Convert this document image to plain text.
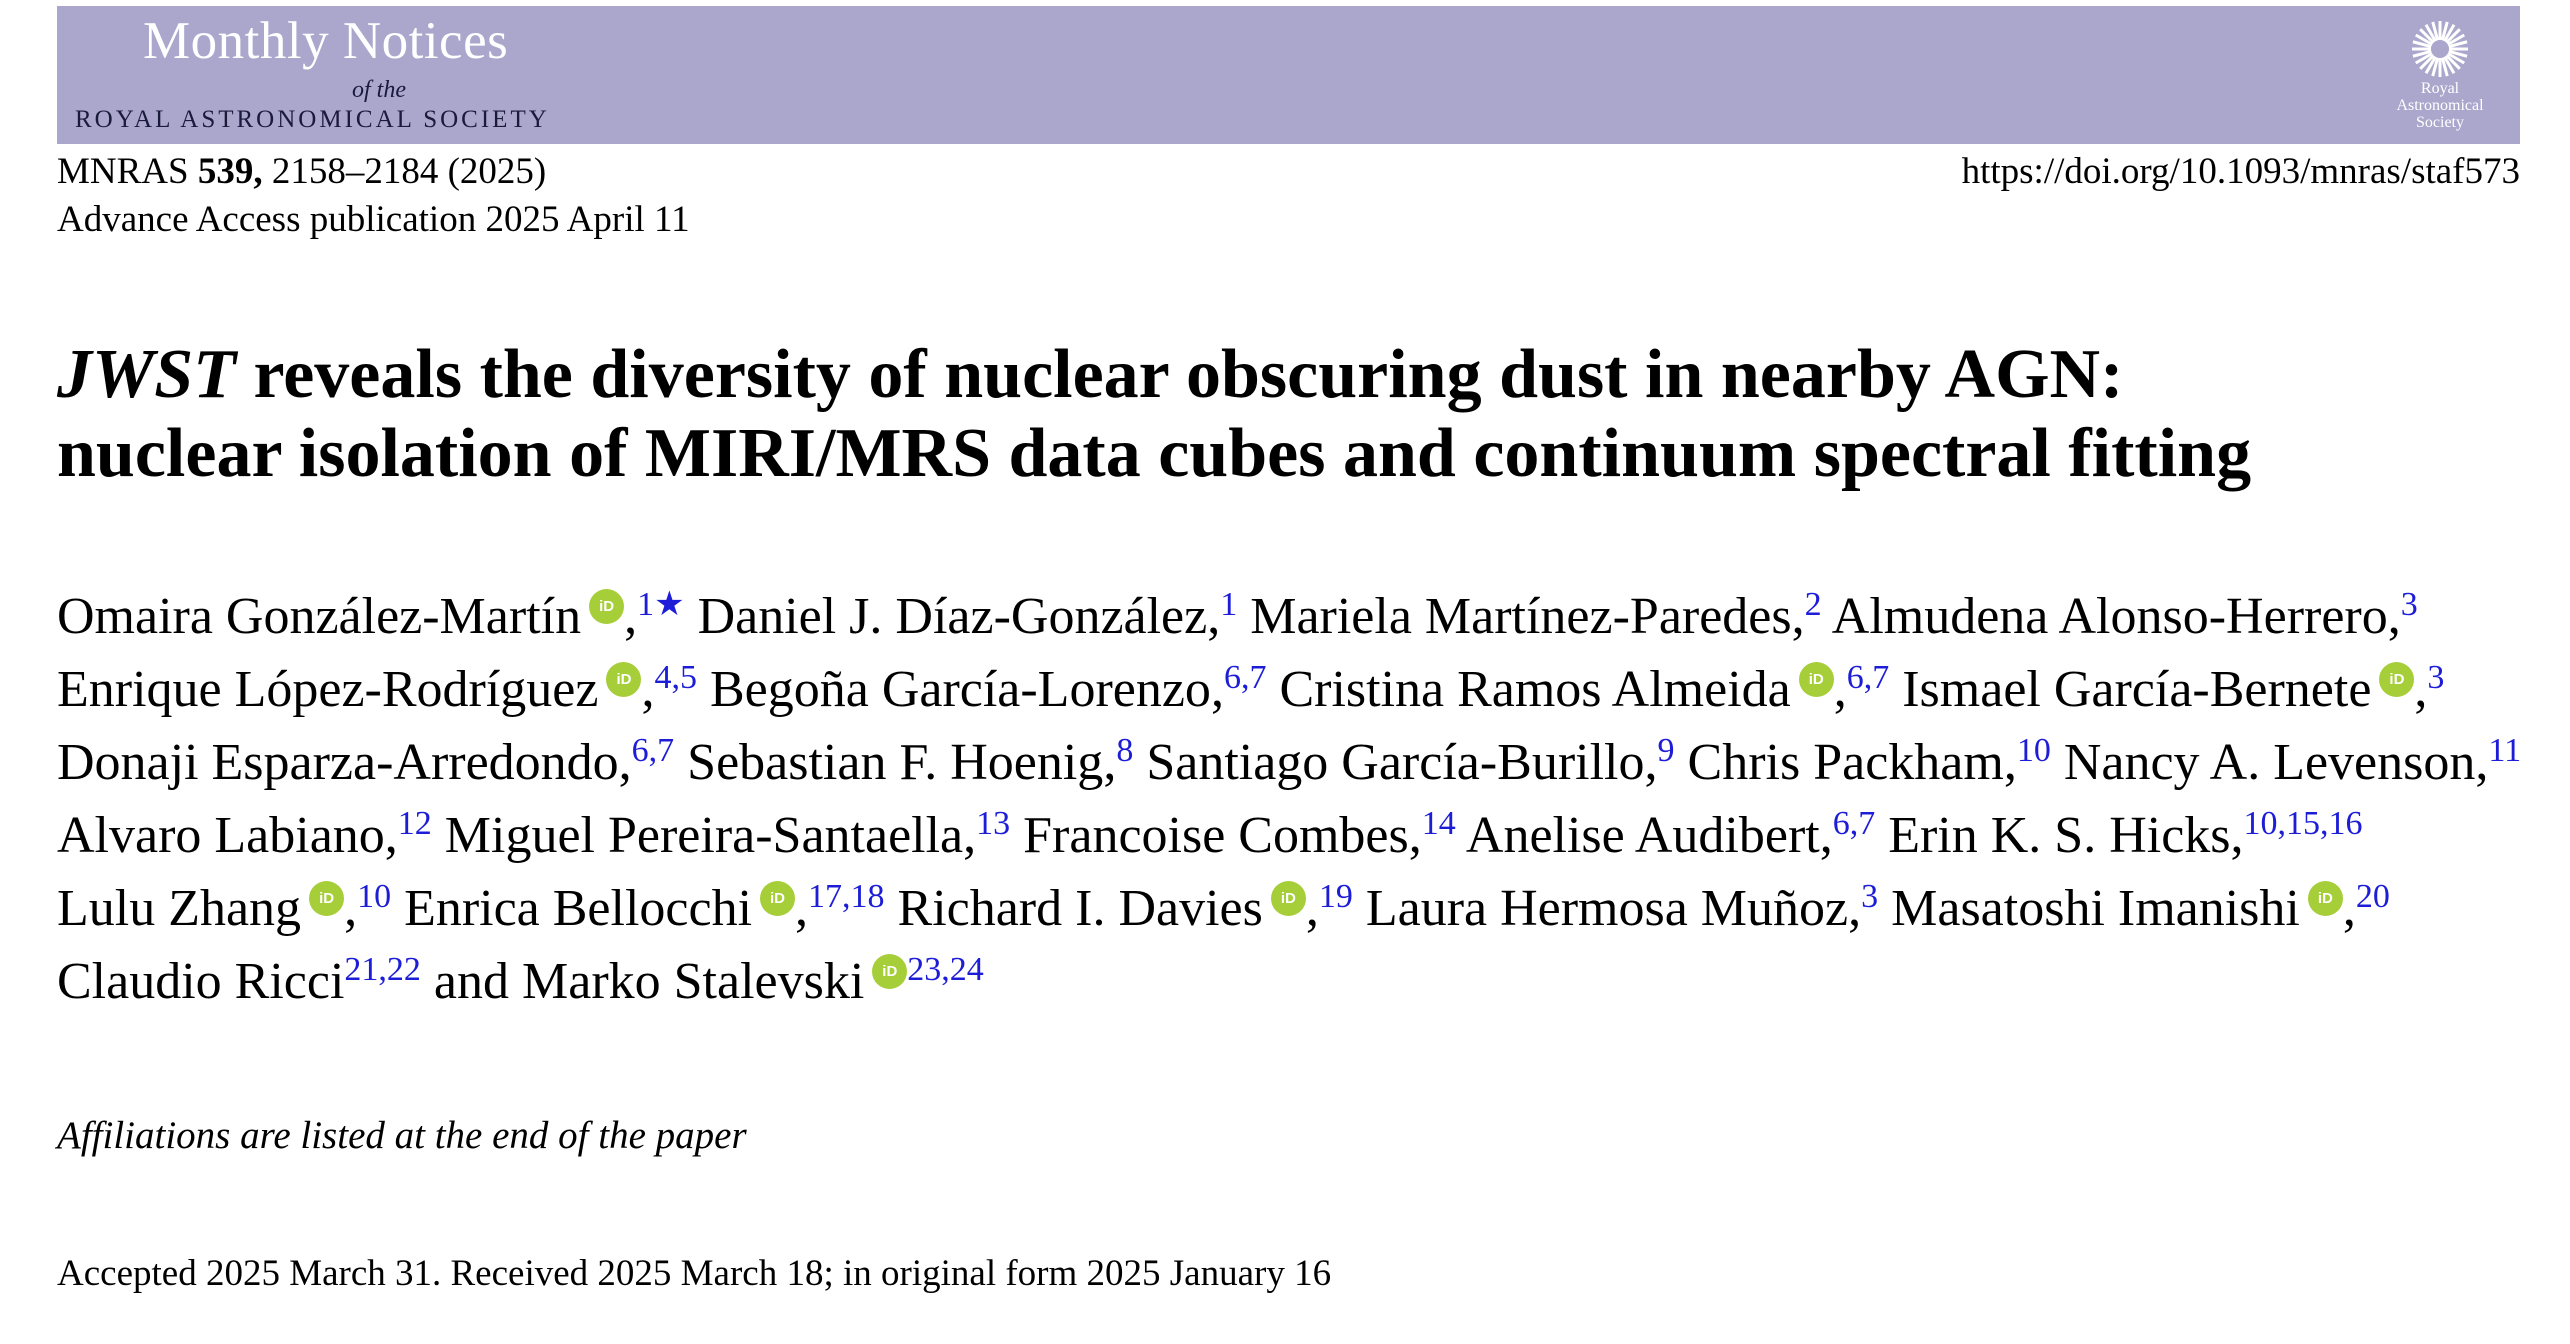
Monthly Notices
of the
ROYAL ASTRONOMICAL SOCIETY
Royal
Astronomical
Society
MNRAS 539, 2158–2184 (2025)
Advance Access publication 2025 April 11
https://doi.org/10.1093/mnras/staf573
JWST reveals the diversity of nuclear obscuring dust in nearby AGN:
nuclear isolation of MIRI/MRS data cubes and continuum spectral fitting
Omaira González-Martín iD ,$^{1★}$ Daniel J. Díaz-González,$^1$ Mariela Martínez-Paredes,$^2$ Almudena Alonso-Herrero,$^3$ Enrique López-Rodríguez iD ,$^{4,5}$ Begoña García-Lorenzo,$^{6,7}$ Cristina Ramos Almeida iD ,$^{6,7}$ Ismael García-Bernete iD ,$^3$ Donaji Esparza-Arredondo,$^{6,7}$ Sebastian F. Hoenig,$^8$ Santiago García-Burillo,$^9$ Chris Packham,$^{10}$ Nancy A. Levenson,$^{11}$ Alvaro Labiano,$^{12}$ Miguel Pereira-Santaella,$^{13}$ Francoise Combes,$^{14}$ Anelise Audibert,$^{6,7}$ Erin K. S. Hicks,$^{10,15,16}$ Lulu Zhang iD ,$^{10}$ Enrica Bellocchi iD ,$^{17,18}$ Richard I. Davies iD ,$^{19}$ Laura Hermosa Muñoz,$^3$ Masatoshi Imanishi iD ,$^{20}$ Claudio Ricci$^{21,22}$ and Marko Stalevski iD $^{23,24}$
Affiliations are listed at the end of the paper
Accepted 2025 March 31. Received 2025 March 18; in original form 2025 January 16
